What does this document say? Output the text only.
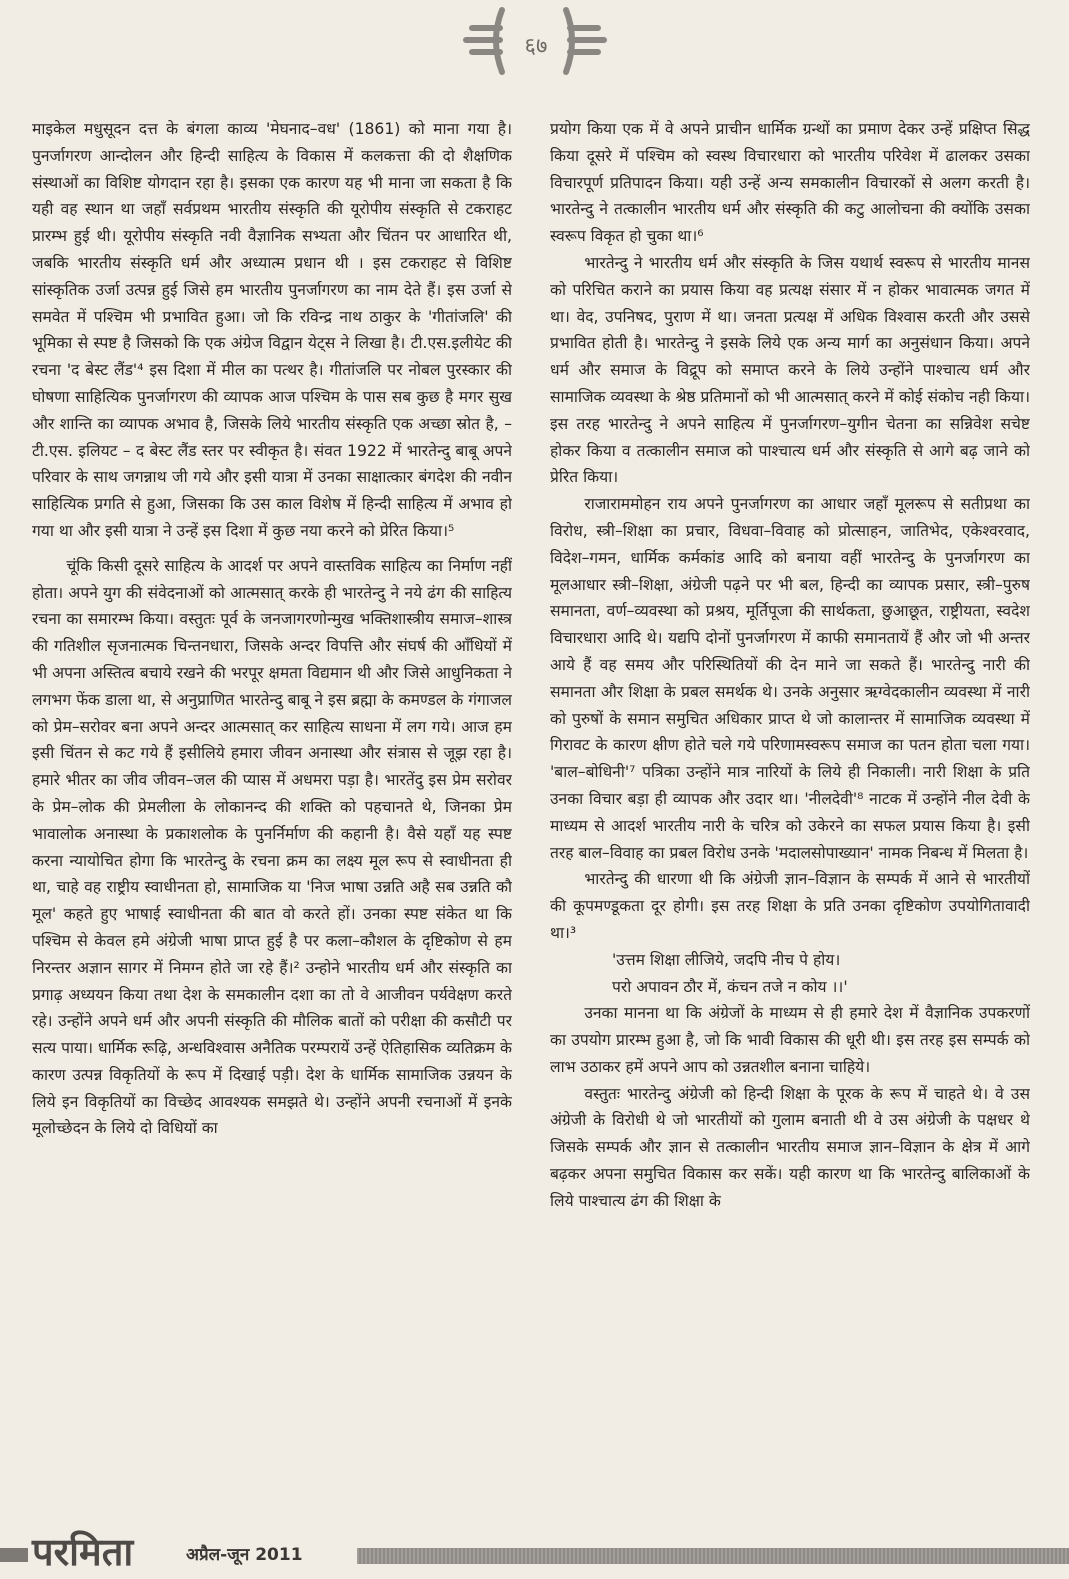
६७

माइकेल मधुसूदन दत्त के बंगला काव्य 'मेघनाद–वध' (1861) को माना गया है। पुनर्जागरण आन्दोलन और हिन्दी साहित्य के विकास में कलकत्ता की दो शैक्षणिक संस्थाओं का विशिष्ट योगदान रहा है। इसका एक कारण यह भी माना जा सकता है कि यही वह स्थान था जहाँ सर्वप्रथम भारतीय संस्कृति की यूरोपीय संस्कृति से टकराहट प्रारम्भ हुई थी। यूरोपीय संस्कृति नवी वैज्ञानिक सभ्यता और चिंतन पर आधारित थी, जबकि भारतीय संस्कृति धर्म और अध्यात्म प्रधान थी । इस टकराहट से विशिष्ट सांस्कृतिक उर्जा उत्पन्न हुई जिसे हम भारतीय पुनर्जागरण का नाम देते हैं। इस उर्जा से समवेत में पश्चिम भी प्रभावित हुआ। जो कि रविन्द्र नाथ ठाकुर के 'गीतांजलि' की भूमिका से स्पष्ट है जिसको कि एक अंग्रेज विद्वान येट्स ने लिखा है। टी.एस.इलीयेट की रचना 'द बेस्ट लैंड'⁴ इस दिशा में मील का पत्थर है। गीतांजलि पर नोबल पुरस्कार की घोषणा साहित्यिक पुनर्जागरण की व्यापक आज पश्चिम के पास सब कुछ है मगर सुख और शान्ति का व्यापक अभाव है, जिसके लिये भारतीय संस्कृति एक अच्छा स्रोत है, – टी.एस. इलियट – द बेस्ट लैंड स्तर पर स्वीकृत है। संवत 1922 में भारतेन्दु बाबू अपने परिवार के साथ जगन्नाथ जी गये और इसी यात्रा में उनका साक्षात्कार बंगदेश की नवीन साहित्यिक प्रगति से हुआ, जिसका कि उस काल विशेष में हिन्दी साहित्य में अभाव हो गया था और इसी यात्रा ने उन्हें इस दिशा में कुछ नया करने को प्रेरित किया।⁵

चूंकि किसी दूसरे साहित्य के आदर्श पर अपने वास्तविक साहित्य का निर्माण नहीं होता। अपने युग की संवेदनाओं को आत्मसात् करके ही भारतेन्दु ने नये ढंग की साहित्य रचना का समारम्भ किया। वस्तुतः पूर्व के जनजागरणोन्मुख भक्तिशास्त्रीय समाज–शास्त्र की गतिशील सृजनात्मक चिन्तनधारा, जिसके अन्दर विपत्ति और संघर्ष की आँधियों में भी अपना अस्तित्व बचाये रखने की भरपूर क्षमता विद्यमान थी और जिसे आधुनिकता ने लगभग फेंक डाला था, से अनुप्राणित भारतेन्दु बाबू ने इस ब्रह्मा के कमण्डल के गंगाजल को प्रेम–सरोवर बना अपने अन्दर आत्मसात् कर साहित्य साधना में लग गये। आज हम इसी चिंतन से कट गये हैं इसीलिये हमारा जीवन अनास्था और संत्रास से जूझ रहा है। हमारे भीतर का जीव जीवन–जल की प्यास में अधमरा पड़ा है। भारतेंदु इस प्रेम सरोवर के प्रेम–लोक की प्रेमलीला के लोकानन्द की शक्ति को पहचानते थे, जिनका प्रेम भावालोक अनास्था के प्रकाशलोक के पुनर्निर्माण की कहानी है। वैसे यहाँ यह स्पष्ट करना न्यायोचित होगा कि भारतेन्दु के रचना क्रम का लक्ष्य मूल रूप से स्वाधीनता ही था, चाहे वह राष्ट्रीय स्वाधीनता हो, सामाजिक या 'निज भाषा उन्नति अहै सब उन्नति कौ मूल' कहते हुए भाषाई स्वाधीनता की बात वो करते हों। उनका स्पष्ट संकेत था कि पश्चिम से केवल हमे अंग्रेजी भाषा प्राप्त हुई है पर कला–कौशल के दृष्टिकोण से हम निरन्तर अज्ञान सागर में निमग्न होते जा रहे हैं।² उन्होने भारतीय धर्म और संस्कृति का प्रगाढ़ अध्ययन किया तथा देश के समकालीन दशा का तो वे आजीवन पर्यवेक्षण करते रहे। उन्होंने अपने धर्म और अपनी संस्कृति की मौलिक बातों को परीक्षा की कसौटी पर सत्य पाया। धार्मिक रूढ़ि, अन्धविश्वास अनैतिक परम्परायें उन्हें ऐतिहासिक व्यतिक्रम के कारण उत्पन्न विकृतियों के रूप में दिखाई पड़ी। देश के धार्मिक सामाजिक उन्नयन के लिये इन विकृतियों का विच्छेद आवश्यक समझते थे। उन्होंने अपनी रचनाओं में इनके मूलोच्छेदन के लिये दो विधियों का

प्रयोग किया एक में वे अपने प्राचीन धार्मिक ग्रन्थों का प्रमाण देकर उन्हें प्रक्षिप्त सिद्ध किया दूसरे में पश्चिम को स्वस्थ विचारधारा को भारतीय परिवेश में ढालकर उसका विचारपूर्ण प्रतिपादन किया। यही उन्हें अन्य समकालीन विचारकों से अलग करती है। भारतेन्दु ने तत्कालीन भारतीय धर्म और संस्कृति की कटु आलोचना की क्योंकि उसका स्वरूप विकृत हो चुका था।⁶

भारतेन्दु ने भारतीय धर्म और संस्कृति के जिस यथार्थ स्वरूप से भारतीय मानस को परिचित कराने का प्रयास किया वह प्रत्यक्ष संसार में न होकर भावात्मक जगत में था। वेद, उपनिषद, पुराण में था। जनता प्रत्यक्ष में अधिक विश्वास करती और उससे प्रभावित होती है। भारतेन्दु ने इसके लिये एक अन्य मार्ग का अनुसंधान किया। अपने धर्म और समाज के विद्रूप को समाप्त करने के लिये उन्होंने पाश्चात्य धर्म और सामाजिक व्यवस्था के श्रेष्ठ प्रतिमानों को भी आत्मसात् करने में कोई संकोच नही किया। इस तरह भारतेन्दु ने अपने साहित्य में पुनर्जागरण–युगीन चेतना का सन्निवेश सचेष्ट होकर किया व तत्कालीन समाज को पाश्चात्य धर्म और संस्कृति से आगे बढ़ जाने को प्रेरित किया।

राजाराममोहन राय अपने पुनर्जागरण का आधार जहाँ मूलरूप से सतीप्रथा का विरोध, स्त्री–शिक्षा का प्रचार, विधवा–विवाह को प्रोत्साहन, जातिभेद, एकेश्वरवाद, विदेश–गमन, धार्मिक कर्मकांड आदि को बनाया वहीं भारतेन्दु के पुनर्जागरण का मूलआधार स्त्री–शिक्षा, अंग्रेजी पढ़ने पर भी बल, हिन्दी का व्यापक प्रसार, स्त्री–पुरुष समानता, वर्ण–व्यवस्था को प्रश्रय, मूर्तिपूजा की सार्थकता, छुआछूत, राष्ट्रीयता, स्वदेश विचारधारा आदि थे। यद्यपि दोनों पुनर्जागरण में काफी समानतायें हैं और जो भी अन्तर आये हैं वह समय और परिस्थितियों की देन माने जा सकते हैं। भारतेन्दु नारी की समानता और शिक्षा के प्रबल समर्थक थे। उनके अनुसार ऋग्वेदकालीन व्यवस्था में नारी को पुरुषों के समान समुचित अधिकार प्राप्त थे जो कालान्तर में सामाजिक व्यवस्था में गिरावट के कारण क्षीण होते चले गये परिणामस्वरूप समाज का पतन होता चला गया। 'बाल–बोधिनी'⁷ पत्रिका उन्होंने मात्र नारियों के लिये ही निकाली। नारी शिक्षा के प्रति उनका विचार बड़ा ही व्यापक और उदार था। 'नीलदेवी'⁸ नाटक में उन्होंने नील देवी के माध्यम से आदर्श भारतीय नारी के चरित्र को उकेरने का सफल प्रयास किया है। इसी तरह बाल–विवाह का प्रबल विरोध उनके 'मदालसोपाख्यान' नामक निबन्ध में मिलता है।

भारतेन्दु की धारणा थी कि अंग्रेजी ज्ञान–विज्ञान के सम्पर्क में आने से भारतीयों की कूपमण्डूकता दूर होगी। इस तरह शिक्षा के प्रति उनका दृष्टिकोण उपयोगितावादी था।³

'उत्तम शिक्षा लीजिये, जदपि नीच पे होय।

परो अपावन ठौर में, कंचन तजे न कोय ।।'

उनका मानना था कि अंग्रेजों के माध्यम से ही हमारे देश में वैज्ञानिक उपकरणों का उपयोग प्रारम्भ हुआ है, जो कि भावी विकास की धूरी थी। इस तरह इस सम्पर्क को लाभ उठाकर हमें अपने आप को उन्नतशील बनाना चाहिये।

वस्तुतः भारतेन्दु अंग्रेजी को हिन्दी शिक्षा के पूरक के रूप में चाहते थे। वे उस अंग्रेजी के विरोधी थे जो भारतीयों को गुलाम बनाती थी वे उस अंग्रेजी के पक्षधर थे जिसके सम्पर्क और ज्ञान से तत्कालीन भारतीय समाज ज्ञान–विज्ञान के क्षेत्र में आगे बढ़कर अपना समुचित विकास कर सकें। यही कारण था कि भारतेन्दु बालिकाओं के लिये पाश्चात्य ढंग की शिक्षा के

परमिता	अप्रैल-जून 2011
